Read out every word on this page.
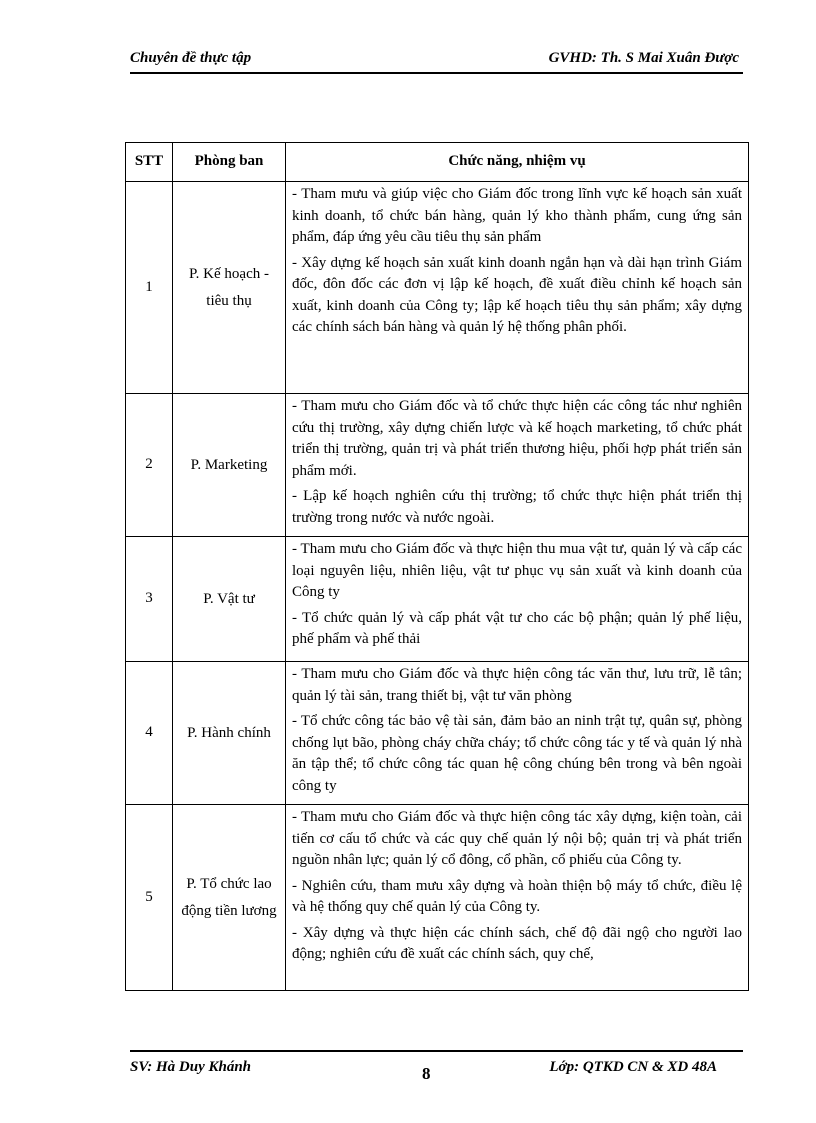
Chuyên đề thực tập	GVHD: Th. S Mai Xuân Được
STT	Phòng ban	Chức năng, nhiệm vụ
1	P. Kế hoạch - tiêu thụ	- Tham mưu và giúp việc cho Giám đốc trong lĩnh vực kế hoạch sản xuất kinh doanh, tổ chức bán hàng, quản lý kho thành phẩm, cung ứng sản phẩm, đáp ứng yêu cầu tiêu thụ sản phẩm

- Xây dựng kế hoạch sản xuất kinh doanh ngắn hạn và dài hạn trình Giám đốc, đôn đốc các đơn vị lập kế hoạch, đề xuất điều chỉnh kế hoạch sản xuất, kinh doanh của Công ty; lập kế hoạch tiêu thụ sản phẩm; xây dựng các chính sách bán hàng và quản lý hệ thống phân phối.

2	P. Marketing	- Tham mưu cho Giám đốc và tổ chức thực hiện các công tác như nghiên cứu thị trường, xây dựng chiến lược và kế hoạch marketing, tổ chức phát triển thị trường, quản trị và phát triển thương hiệu, phối hợp phát triển sản phẩm mới.

- Lập kế hoạch nghiên cứu thị trường; tổ chức thực hiện phát triển thị trường trong nước và nước ngoài.

3	P. Vật tư	- Tham mưu cho Giám đốc và thực hiện thu mua vật tư, quản lý và cấp các loại nguyên liệu, nhiên liệu, vật tư phục vụ sản xuất và kinh doanh của Công ty

- Tổ chức quản lý và cấp phát vật tư cho các bộ phận; quản lý phế liệu, phế phẩm và phế thải

4	P. Hành chính	- Tham mưu cho Giám đốc và thực hiện công tác văn thư, lưu trữ, lễ tân; quản lý tài sản, trang thiết bị, vật tư văn phòng

- Tổ chức công tác bảo vệ tài sản, đảm bảo an ninh trật tự, quân sự, phòng chống lụt bão, phòng cháy chữa cháy; tổ chức công tác y tế và quản lý nhà ăn tập thể; tổ chức công tác quan hệ công chúng bên trong và bên ngoài công ty

5	P. Tổ chức lao động tiền lương	- Tham mưu cho Giám đốc và thực hiện công tác xây dựng, kiện toàn, cải tiến cơ cấu tổ chức và các quy chế quản lý nội bộ; quản trị và phát triển nguồn nhân lực; quản lý cổ đông, cổ phần, cổ phiếu của Công ty.

- Nghiên cứu, tham mưu xây dựng và hoàn thiện bộ máy tổ chức, điều lệ và hệ thống quy chế quản lý của Công ty.

- Xây dựng và thực hiện các chính sách, chế độ đãi ngộ cho người lao động; nghiên cứu đề xuất các chính sách, quy chế,

SV: Hà Duy Khánh	8	Lớp: QTKD CN & XD 48A
